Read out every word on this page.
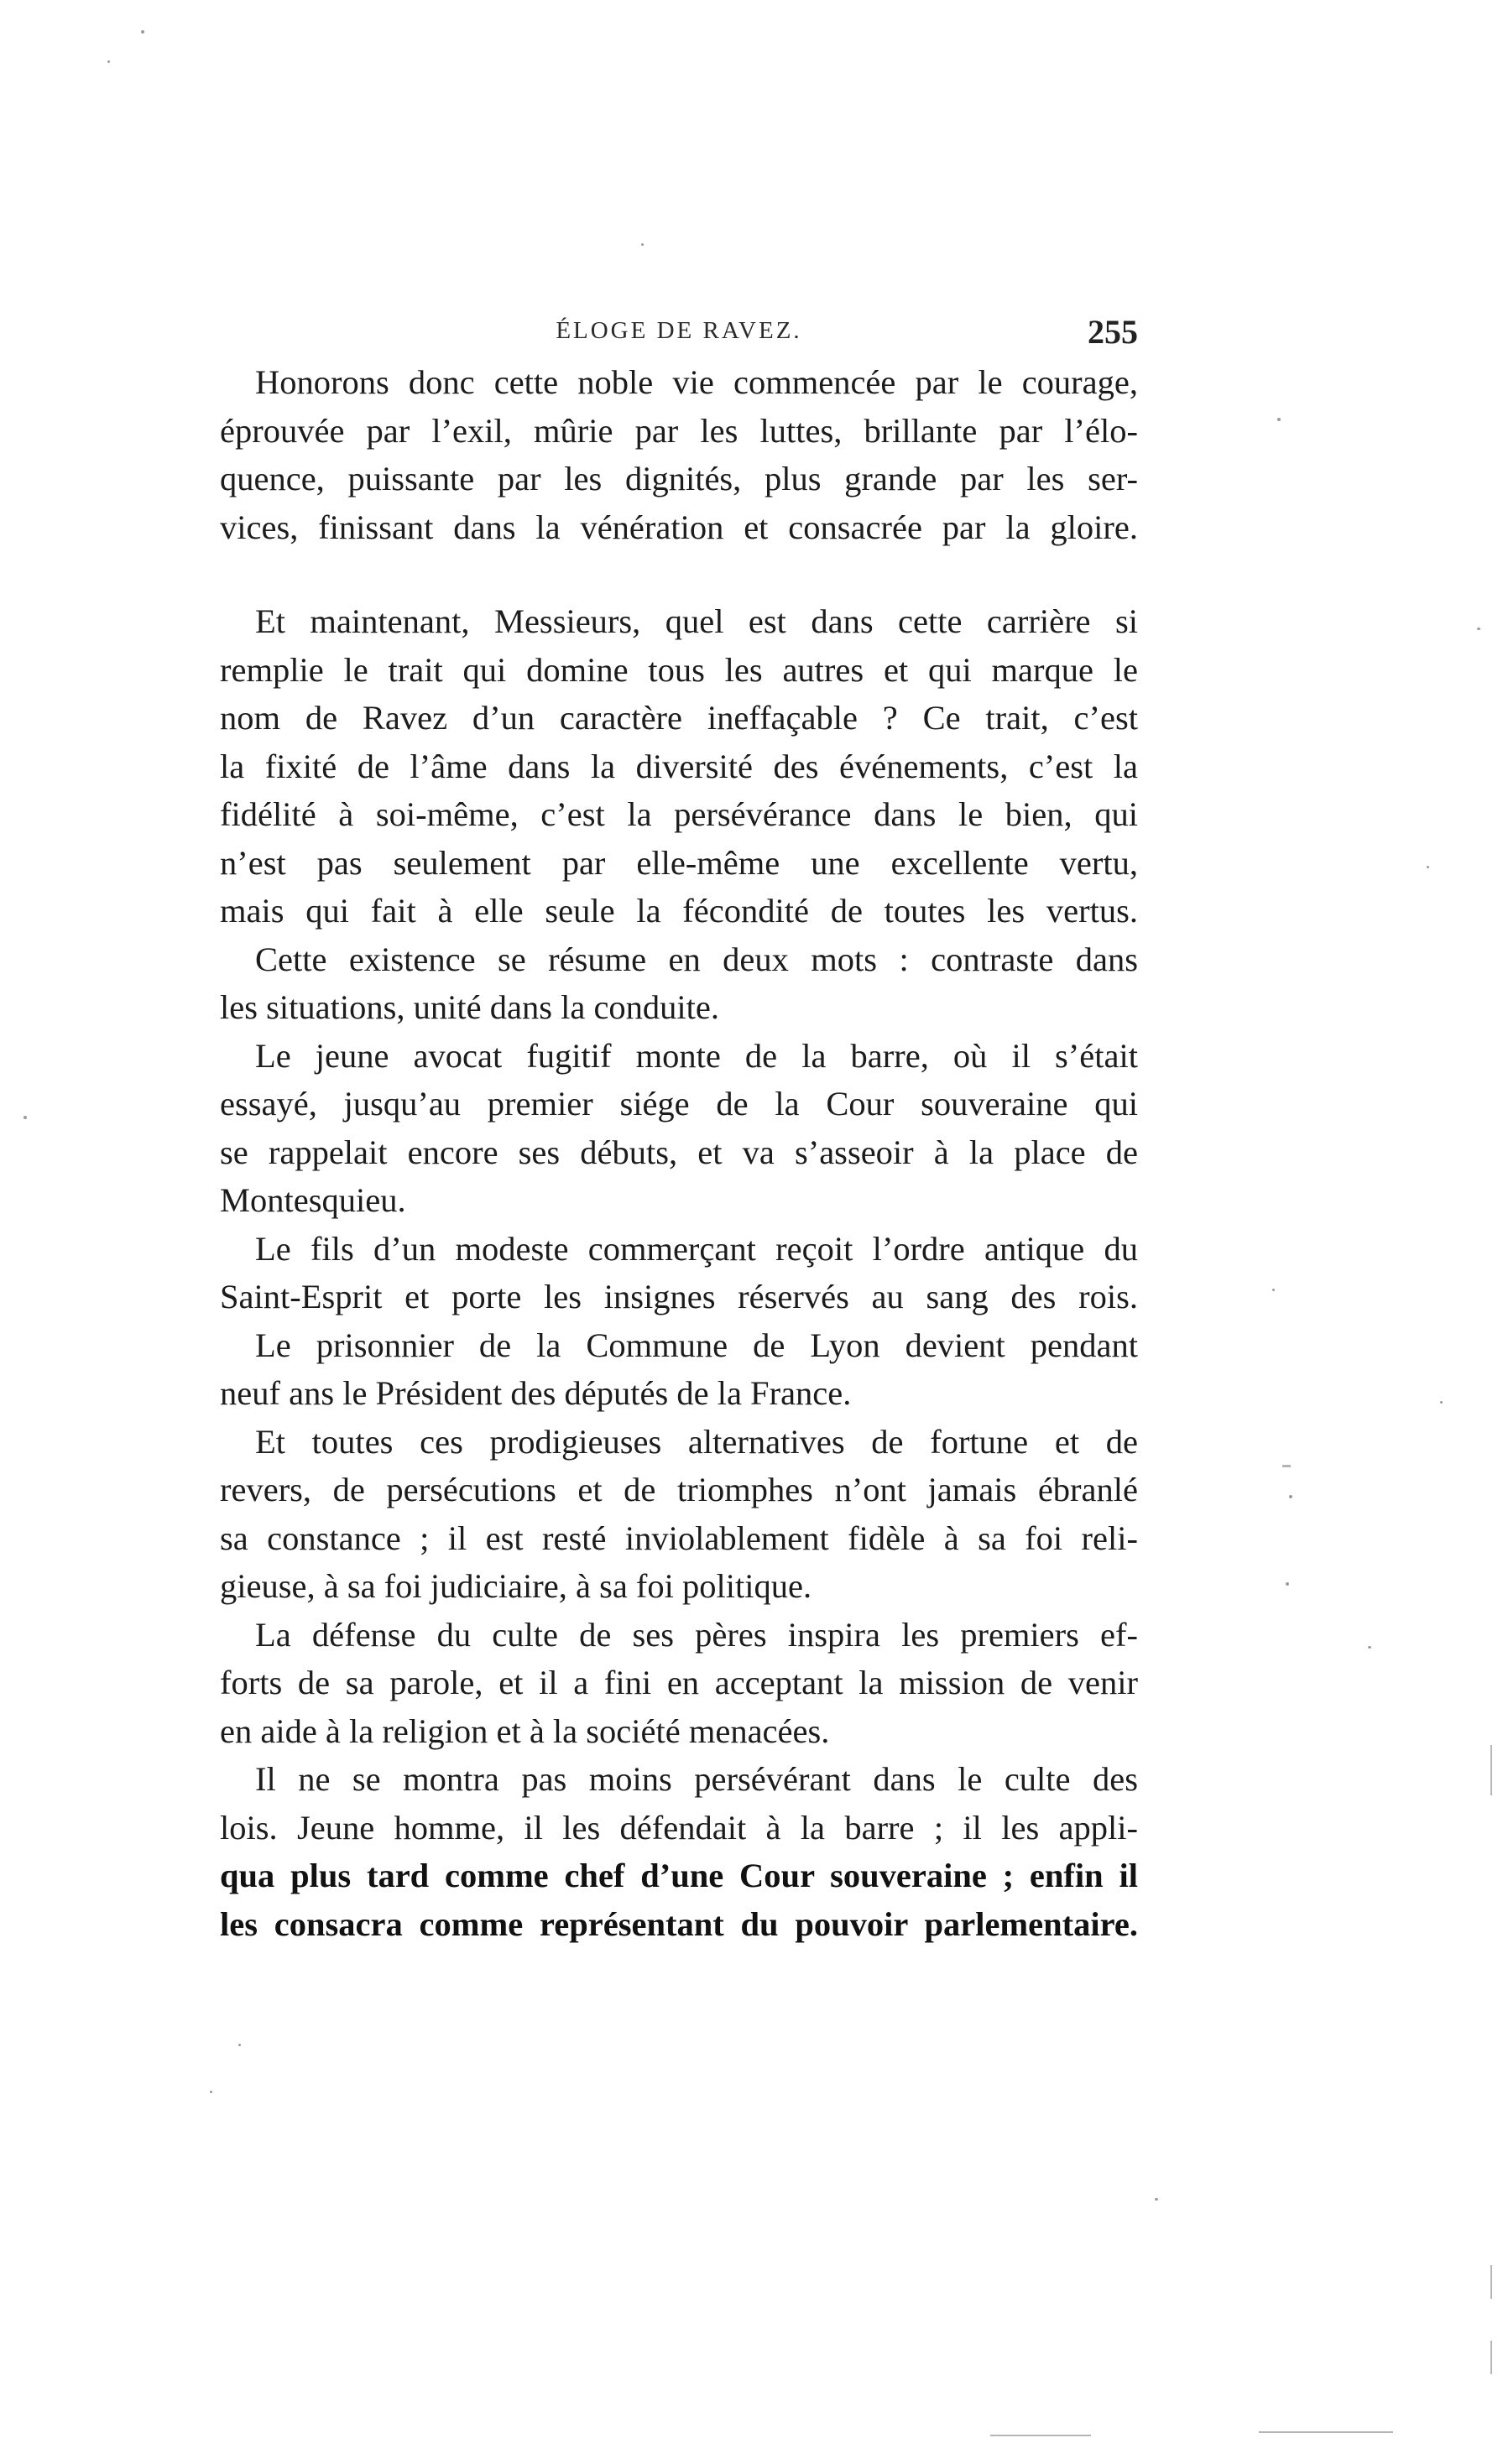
ÉLOGE DE RAVEZ.	255
Honorons donc cette noble vie commencée par le courage,
éprouvée par l’exil, mûrie par les luttes, brillante par l’élo-
quence, puissante par les dignités, plus grande par les ser-
vices, finissant dans la vénération et consacrée par la gloire.
Et maintenant, Messieurs, quel est dans cette carrière si
remplie le trait qui domine tous les autres et qui marque le
nom de Ravez d’un caractère ineffaçable ? Ce trait, c’est
la fixité de l’âme dans la diversité des événements, c’est la
fidélité à soi-même, c’est la persévérance dans le bien, qui
n’est pas seulement par elle-même une excellente vertu,
mais qui fait à elle seule la fécondité de toutes les vertus.
Cette existence se résume en deux mots : contraste dans
les situations, unité dans la conduite.
Le jeune avocat fugitif monte de la barre, où il s’était
essayé, jusqu’au premier siége de la Cour souveraine qui
se rappelait encore ses débuts, et va s’asseoir à la place de
Montesquieu.
Le fils d’un modeste commerçant reçoit l’ordre antique du
Saint-Esprit et porte les insignes réservés au sang des rois.
Le prisonnier de la Commune de Lyon devient pendant
neuf ans le Président des députés de la France.
Et toutes ces prodigieuses alternatives de fortune et de
revers, de persécutions et de triomphes n’ont jamais ébranlé
sa constance ; il est resté inviolablement fidèle à sa foi reli-
gieuse, à sa foi judiciaire, à sa foi politique.
La défense du culte de ses pères inspira les premiers ef-
forts de sa parole, et il a fini en acceptant la mission de venir
en aide à la religion et à la société menacées.
Il ne se montra pas moins persévérant dans le culte des
lois. Jeune homme, il les défendait à la barre ; il les appli-
qua plus tard comme chef d’une Cour souveraine ; enfin il
les consacra comme représentant du pouvoir parlementaire.
